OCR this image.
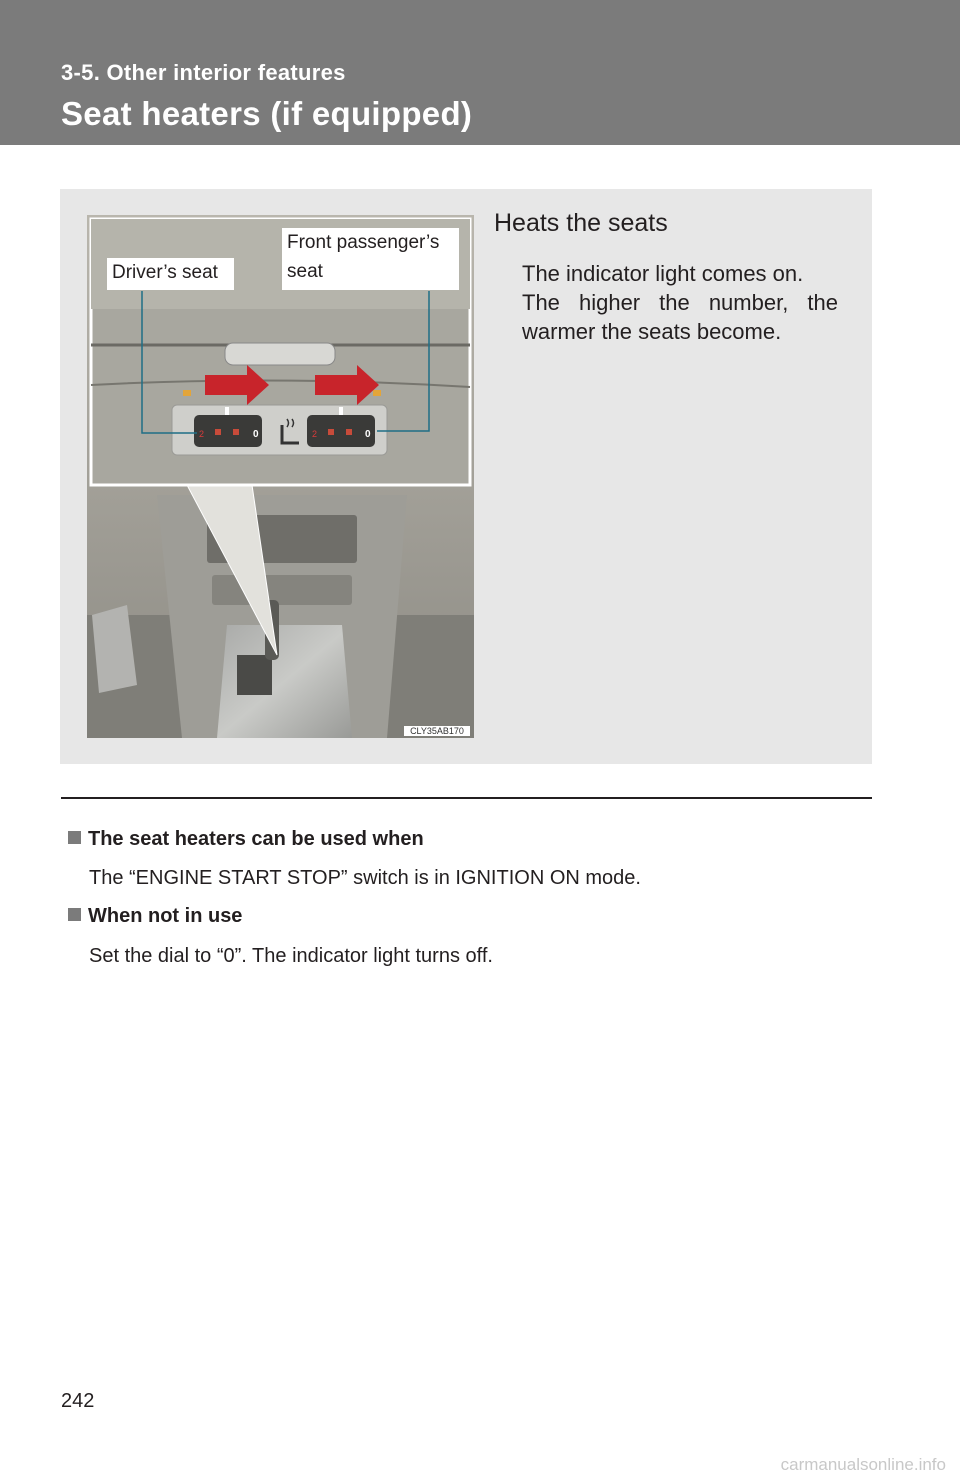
3-5. Other interior features
Seat heaters (if equipped)
2	0	2	0
Driver’s seat
Front passenger’s
seat
CLY35AB170
Heats the seats
The indicator light comes on.
The higher the number, the
warmer the seats become.
The seat heaters can be used when
The “ENGINE START STOP” switch is in IGNITION ON mode.
When not in use
Set the dial to “0”. The indicator light turns off.
242
carmanualsonline.info
